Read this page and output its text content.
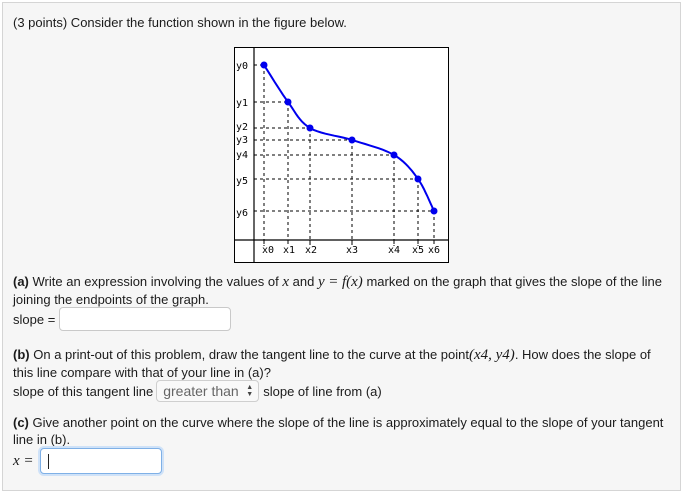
(3 points) Consider the function shown in the figure below.
y0
y1
y2
y3
y4
y5
y6
x0 x1 x2	x3	x4 x5 x6
(a) Write an expression involving the values of x and y = f(x) marked on the graph that gives the slope of the line joining the endpoints of the graph.
slope =
(b) On a print-out of this problem, draw the tangent line to the curve at the point(x4, y4). How does the slope of this line compare with that of your line in (a)?
slope of this tangent line greater than ▲
▼ slope of line from (a)
(c) Give another point on the curve where the slope of the line is approximately equal to the slope of your tangent line in (b).
x =
